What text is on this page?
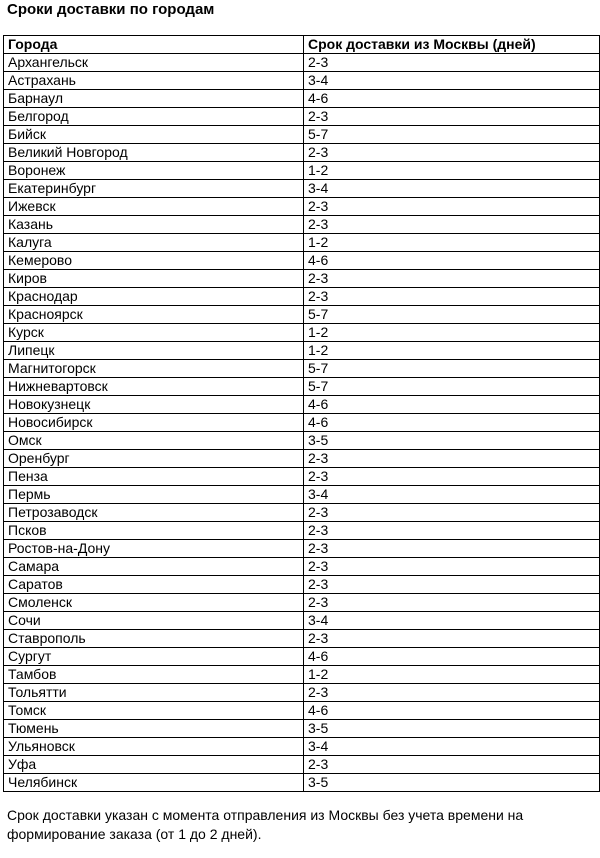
Сроки доставки по городам
Города	Срок доставки из Москвы (дней)
Архангельск	2-3
Астрахань	3-4
Барнаул	4-6
Белгород	2-3
Бийск	5-7
Великий Новгород	2-3
Воронеж	1-2
Екатеринбург	3-4
Ижевск	2-3
Казань	2-3
Калуга	1-2
Кемерово	4-6
Киров	2-3
Краснодар	2-3
Красноярск	5-7
Курск	1-2
Липецк	1-2
Магнитогорск	5-7
Нижневартовск	5-7
Новокузнецк	4-6
Новосибирск	4-6
Омск	3-5
Оренбург	2-3
Пенза	2-3
Пермь	3-4
Петрозаводск	2-3
Псков	2-3
Ростов-на-Дону	2-3
Самара	2-3
Саратов	2-3
Смоленск	2-3
Сочи	3-4
Ставрополь	2-3
Сургут	4-6
Тамбов	1-2
Тольятти	2-3
Томск	4-6
Тюмень	3-5
Ульяновск	3-4
Уфа	2-3
Челябинск	3-5

Срок доставки указан с момента отправления из Москвы без учета времени на формирование заказа (от 1 до 2 дней).
